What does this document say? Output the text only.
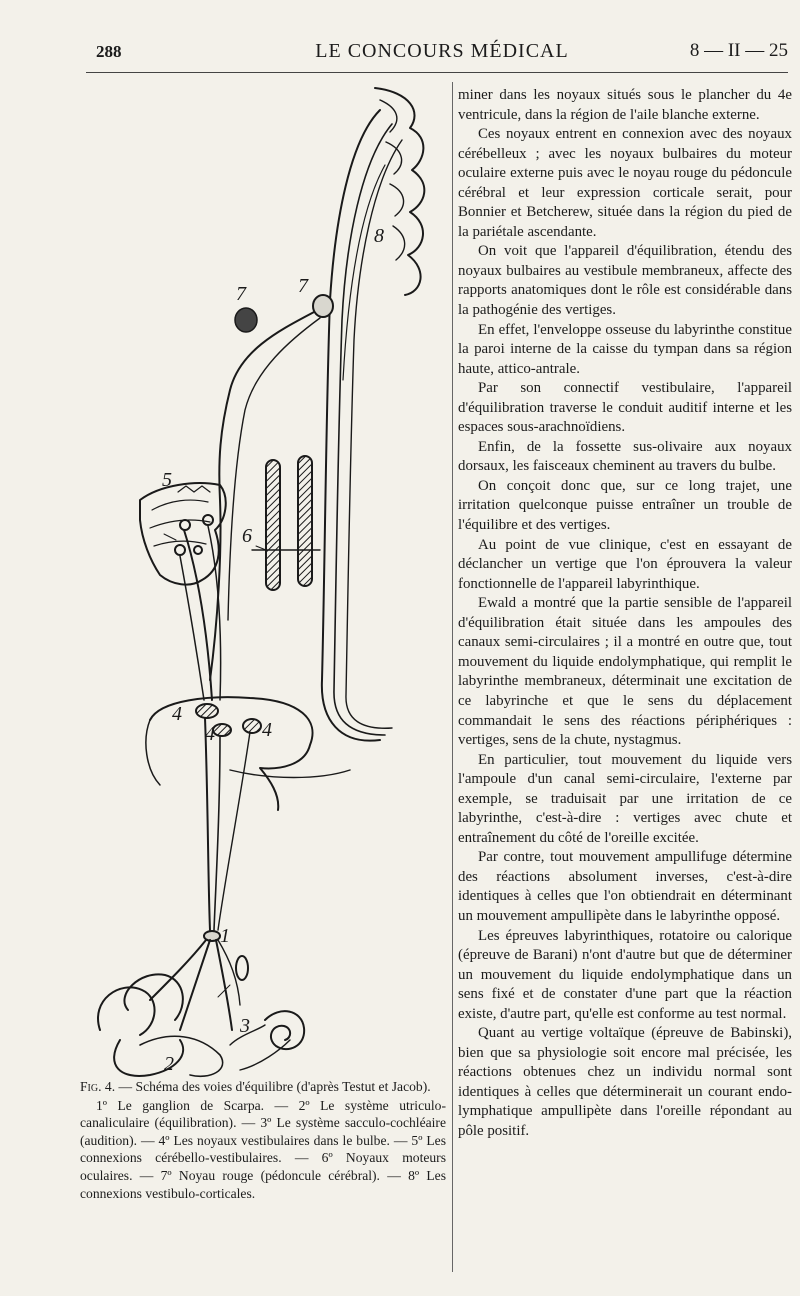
288	LE CONCOURS MÉDICAL	8 — II — 25
1
2
3
4
4 4
5
6
7	7
8

Fig. 4. — Schéma des voies d'équilibre (d'après Testut et Jacob).

1º Le ganglion de Scarpa. — 2º Le système utriculo-canaliculaire (équilibration). — 3º Le système sacculo-cochléaire (audition). — 4º Les noyaux vestibulaires dans le bulbe. — 5º Les connexions cérébello-vestibulaires. — 6º Noyaux moteurs oculaires. — 7º Noyau rouge (pédoncule cérébral). — 8º Les connexions vestibulo-corticales.

miner dans les noyaux situés sous le plancher du 4e ventricule, dans la région de l'aile blanche externe.

Ces noyaux entrent en connexion avec des noyaux cérébelleux ; avec les noyaux bulbaires du moteur oculaire externe puis avec le noyau rouge du pédoncule cérébral et leur expression corticale serait, pour Bonnier et Betcherew, située dans la région du pied de la pariétale ascendante.

On voit que l'appareil d'équilibration, étendu des noyaux bulbaires au vestibule membraneux, affecte des rapports anatomiques dont le rôle est considérable dans la pathogénie des vertiges.

En effet, l'enveloppe osseuse du labyrinthe constitue la paroi interne de la caisse du tympan dans sa région haute, attico-antrale.

Par son connectif vestibulaire, l'appareil d'équilibration traverse le conduit auditif interne et les espaces sous-arachnoïdiens.

Enfin, de la fossette sus-olivaire aux noyaux dorsaux, les faisceaux cheminent au travers du bulbe.

On conçoit donc que, sur ce long trajet, une irritation quelconque puisse entraîner un trouble de l'équilibre et des vertiges.

Au point de vue clinique, c'est en essayant de déclancher un vertige que l'on éprouvera la valeur fonctionnelle de l'appareil labyrinthique.

Ewald a montré que la partie sensible de l'appareil d'équilibration était située dans les ampoules des canaux semi-circulaires ; il a montré en outre que, tout mouvement du liquide endolymphatique, qui remplit le labyrinthe membraneux, déterminait une excitation de ce labyrinche et que le sens du déplacement commandait le sens des réactions périphériques : vertiges, sens de la chute, nystagmus.

En particulier, tout mouvement du liquide vers l'ampoule d'un canal semi-circulaire, l'externe par exemple, se traduisait par une irritation de ce labyrinthe, c'est-à-dire : vertiges avec chute et entraînement du côté de l'oreille excitée.

Par contre, tout mouvement ampullifuge détermine des réactions absolument inverses, c'est-à-dire identiques à celles que l'on obtiendrait en déterminant un mouvement ampullipète dans le labyrinthe opposé.

Les épreuves labyrinthiques, rotatoire ou calorique (épreuve de Barani) n'ont d'autre but que de déterminer un mouvement du liquide endolymphatique dans un sens fixé et de constater d'une part que la réaction existe, d'autre part, qu'elle est conforme au test normal.

Quant au vertige voltaïque (épreuve de Babinski), bien que sa physiologie soit encore mal précisée, les réactions obtenues chez un individu normal sont identiques à celles que déterminerait un courant endo-lymphatique ampullipète dans l'oreille répondant au pôle positif.
